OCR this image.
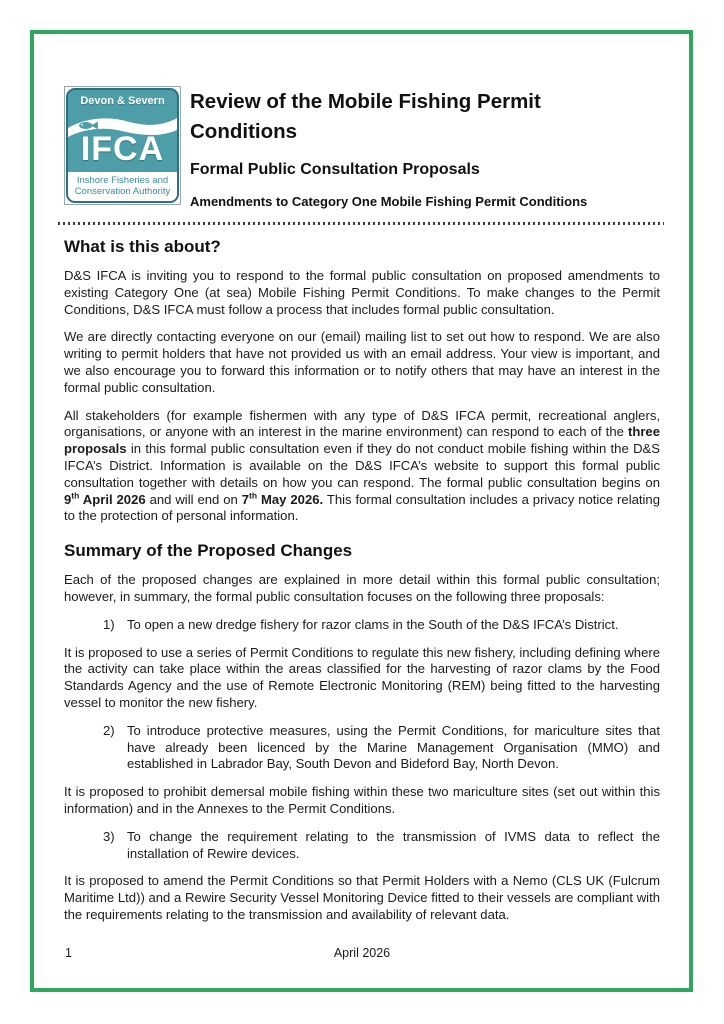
Devon & Severn
IFCA
Inshore Fisheries and
Conservation Authority
Review of the Mobile Fishing Permit Conditions
Formal Public Consultation Proposals
Amendments to Category One Mobile Fishing Permit Conditions
What is this about?

D&S IFCA is inviting you to respond to the formal public consultation on proposed amendments to existing Category One (at sea) Mobile Fishing Permit Conditions. To make changes to the Permit Conditions, D&S IFCA must follow a process that includes formal public consultation.

We are directly contacting everyone on our (email) mailing list to set out how to respond. We are also writing to permit holders that have not provided us with an email address. Your view is important, and we also encourage you to forward this information or to notify others that may have an interest in the formal public consultation.

All stakeholders (for example fishermen with any type of D&S IFCA permit, recreational anglers, organisations, or anyone with an interest in the marine environment) can respond to each of the three proposals in this formal public consultation even if they do not conduct mobile fishing within the D&S IFCA’s District. Information is available on the D&S IFCA’s website to support this formal public consultation together with details on how you can respond. The formal public consultation begins on 9th April 2026 and will end on 7th May 2026. This formal consultation includes a privacy notice relating to the protection of personal information.

Summary of the Proposed Changes

Each of the proposed changes are explained in more detail within this formal public consultation; however, in summary, the formal public consultation focuses on the following three proposals:

1) To open a new dredge fishery for razor clams in the South of the D&S IFCA’s District.

It is proposed to use a series of Permit Conditions to regulate this new fishery, including defining where the activity can take place within the areas classified for the harvesting of razor clams by the Food Standards Agency and the use of Remote Electronic Monitoring (REM) being fitted to the harvesting vessel to monitor the new fishery.

2) To introduce protective measures, using the Permit Conditions, for mariculture sites that have already been licenced by the Marine Management Organisation (MMO) and established in Labrador Bay, South Devon and Bideford Bay, North Devon.

It is proposed to prohibit demersal mobile fishing within these two mariculture sites (set out within this information) and in the Annexes to the Permit Conditions.

3) To change the requirement relating to the transmission of IVMS data to reflect the installation of Rewire devices.

It is proposed to amend the Permit Conditions so that Permit Holders with a Nemo (CLS UK (Fulcrum Maritime Ltd)) and a Rewire Security Vessel Monitoring Device fitted to their vessels are compliant with the requirements relating to the transmission and availability of relevant data.

1	April 2026
